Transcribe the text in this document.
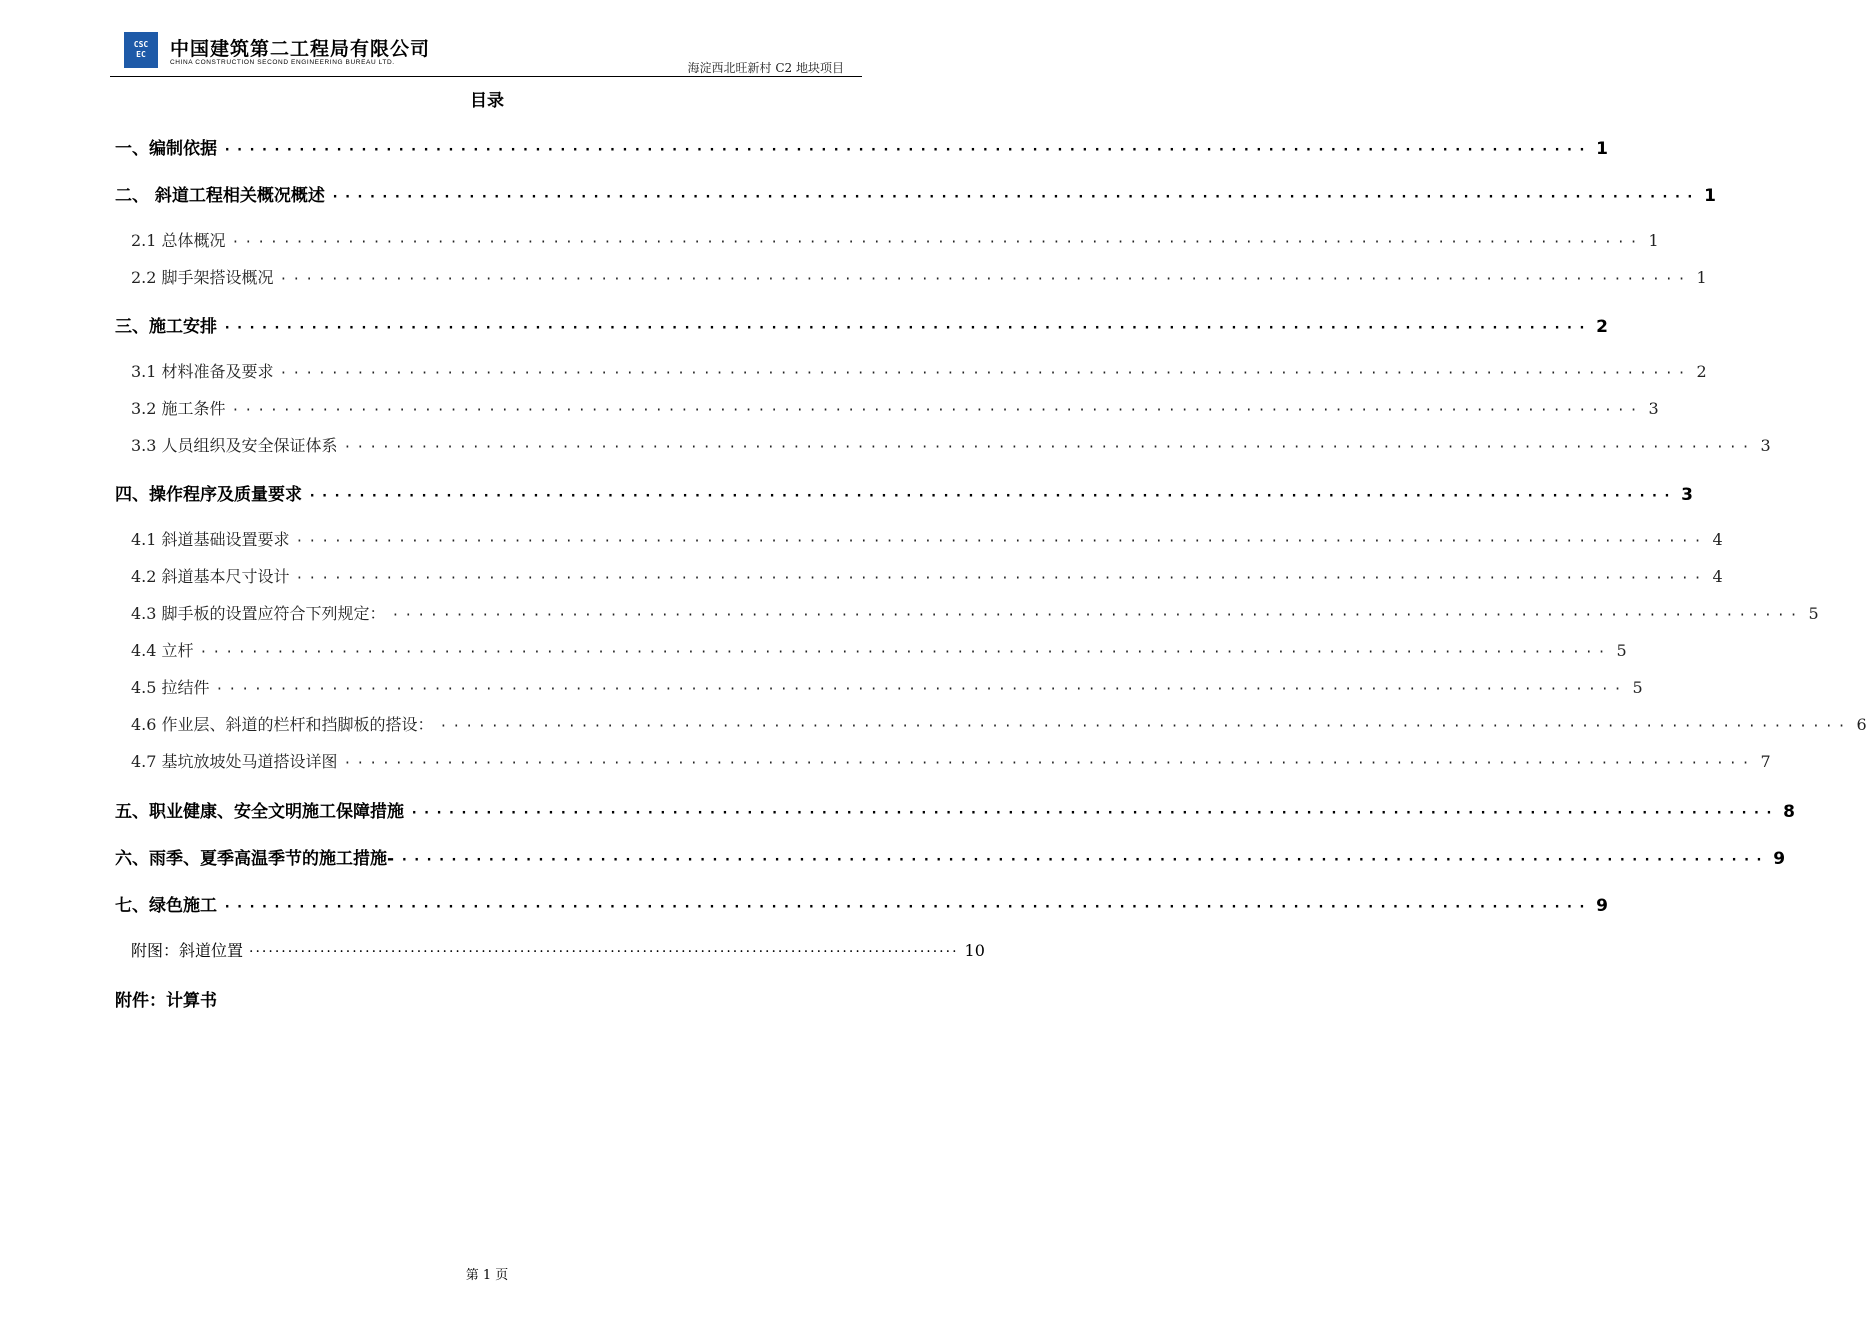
CSC
EC 中国建筑第二工程局有限公司
CHINA CONSTRUCTION SECOND ENGINEERING BUREAU LTD.	海淀西北旺新村 C2 地块项目
目录
一、编制依据 ·············································································································· 1
二、 斜道工程相关概况概述 ·············································································································· 1
2.1 总体概况 ·············································································································· 1
2.2 脚手架搭设概况 ·············································································································· 1
三、施工安排 ·············································································································· 2
3.1 材料准备及要求 ·············································································································· 2
3.2 施工条件 ·············································································································· 3
3.3 人员组织及安全保证体系 ·············································································································· 3
四、操作程序及质量要求 ·············································································································· 3
4.1 斜道基础设置要求 ·············································································································· 4
4.2 斜道基本尺寸设计 ·············································································································· 4
4.3 脚手板的设置应符合下列规定： ·············································································································· 5
4.4 立杆 ·············································································································· 5
4.5 拉结件 ·············································································································· 5
4.6 作业层、斜道的栏杆和挡脚板的搭设： ·············································································································· 6
4.7 基坑放坡处马道搭设详图 ·············································································································· 7
五、职业健康、安全文明施工保障措施 ·············································································································· 8
六、雨季、夏季高温季节的施工措施- ·············································································································· 9
七、绿色施工 ·············································································································· 9
附图：斜道位置 ·············································································································· 10
附件：计算书
第 1 页
